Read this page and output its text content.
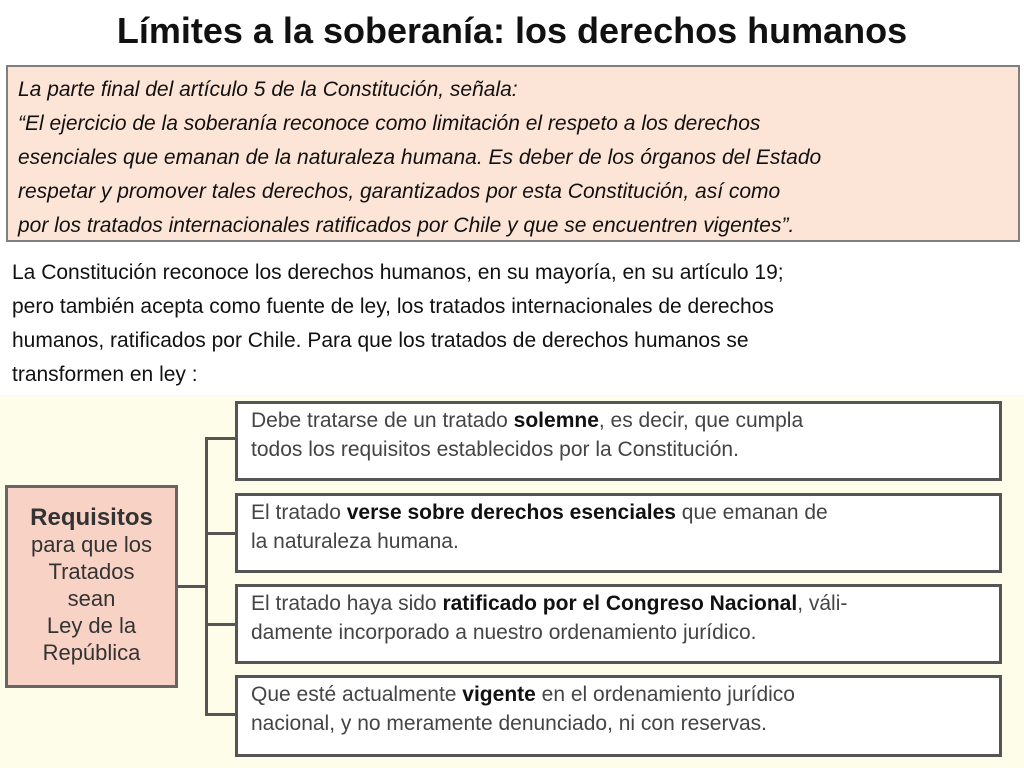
Límites a la soberanía: los derechos humanos

La parte final del artículo 5 de la Constitución, señala:

“El ejercicio de la soberanía reconoce como limitación el respeto a los derechos

esenciales que emanan de la naturaleza humana. Es deber de los órganos del Estado

respetar y promover tales derechos, garantizados por esta Constitución, así como

por los tratados internacionales ratificados por Chile y que se encuentren vigentes”.

La Constitución reconoce los derechos humanos, en su mayoría, en su artículo 19;

pero también acepta como fuente de ley, los tratados internacionales de derechos

humanos, ratificados por Chile. Para que los tratados de derechos humanos se

transformen en ley :

Requisitos
para que los
Tratados
sean
Ley de la
República

Debe tratarse de un tratado solemne, es decir, que cumpla

todos los requisitos establecidos por la Constitución.

El tratado verse sobre derechos esenciales que emanan de

la naturaleza humana.

El tratado haya sido ratificado por el Congreso Nacional, váli-

damente incorporado a nuestro ordenamiento jurídico.

Que esté actualmente vigente en el ordenamiento jurídico

nacional, y no meramente denunciado, ni con reservas.
